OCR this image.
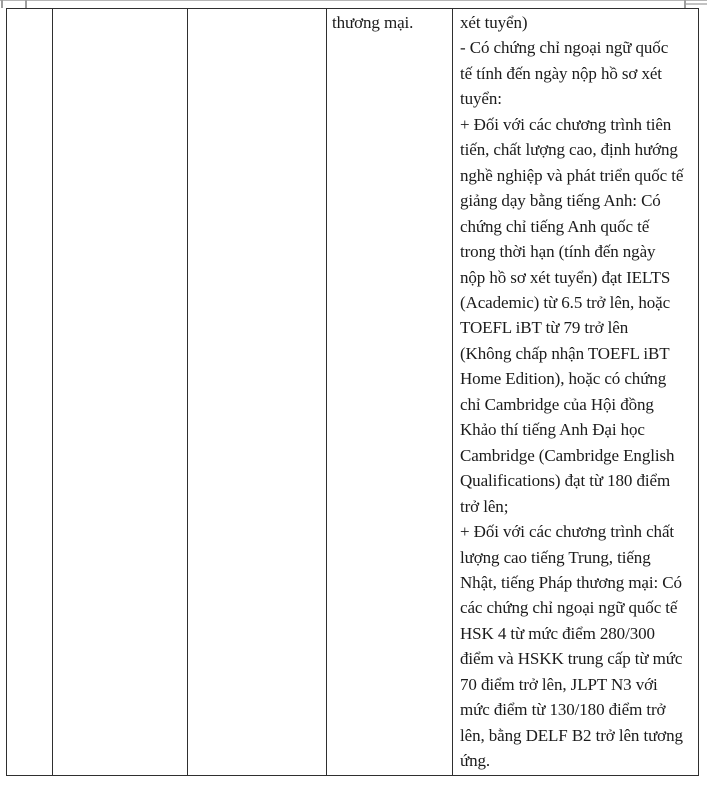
thương mại.	xét tuyển)
- Có chứng chỉ ngoại ngữ quốc
tế tính đến ngày nộp hồ sơ xét
tuyển:
+ Đối với các chương trình tiên
tiến, chất lượng cao, định hướng
nghề nghiệp và phát triển quốc tế
giảng dạy bằng tiếng Anh: Có
chứng chỉ tiếng Anh quốc tế
trong thời hạn (tính đến ngày
nộp hồ sơ xét tuyển) đạt IELTS
(Academic) từ 6.5 trở lên, hoặc
TOEFL iBT từ 79 trở lên
(Không chấp nhận TOEFL iBT
Home Edition), hoặc có chứng
chỉ Cambridge của Hội đồng
Khảo thí tiếng Anh Đại học
Cambridge (Cambridge English
Qualifications) đạt từ 180 điểm
trở lên;
+ Đối với các chương trình chất
lượng cao tiếng Trung, tiếng
Nhật, tiếng Pháp thương mại: Có
các chứng chỉ ngoại ngữ quốc tế
HSK 4 từ mức điểm 280/300
điểm và HSKK trung cấp từ mức
70 điểm trở lên, JLPT N3 với
mức điểm từ 130/180 điểm trở
lên, bằng DELF B2 trở lên tương
ứng.
